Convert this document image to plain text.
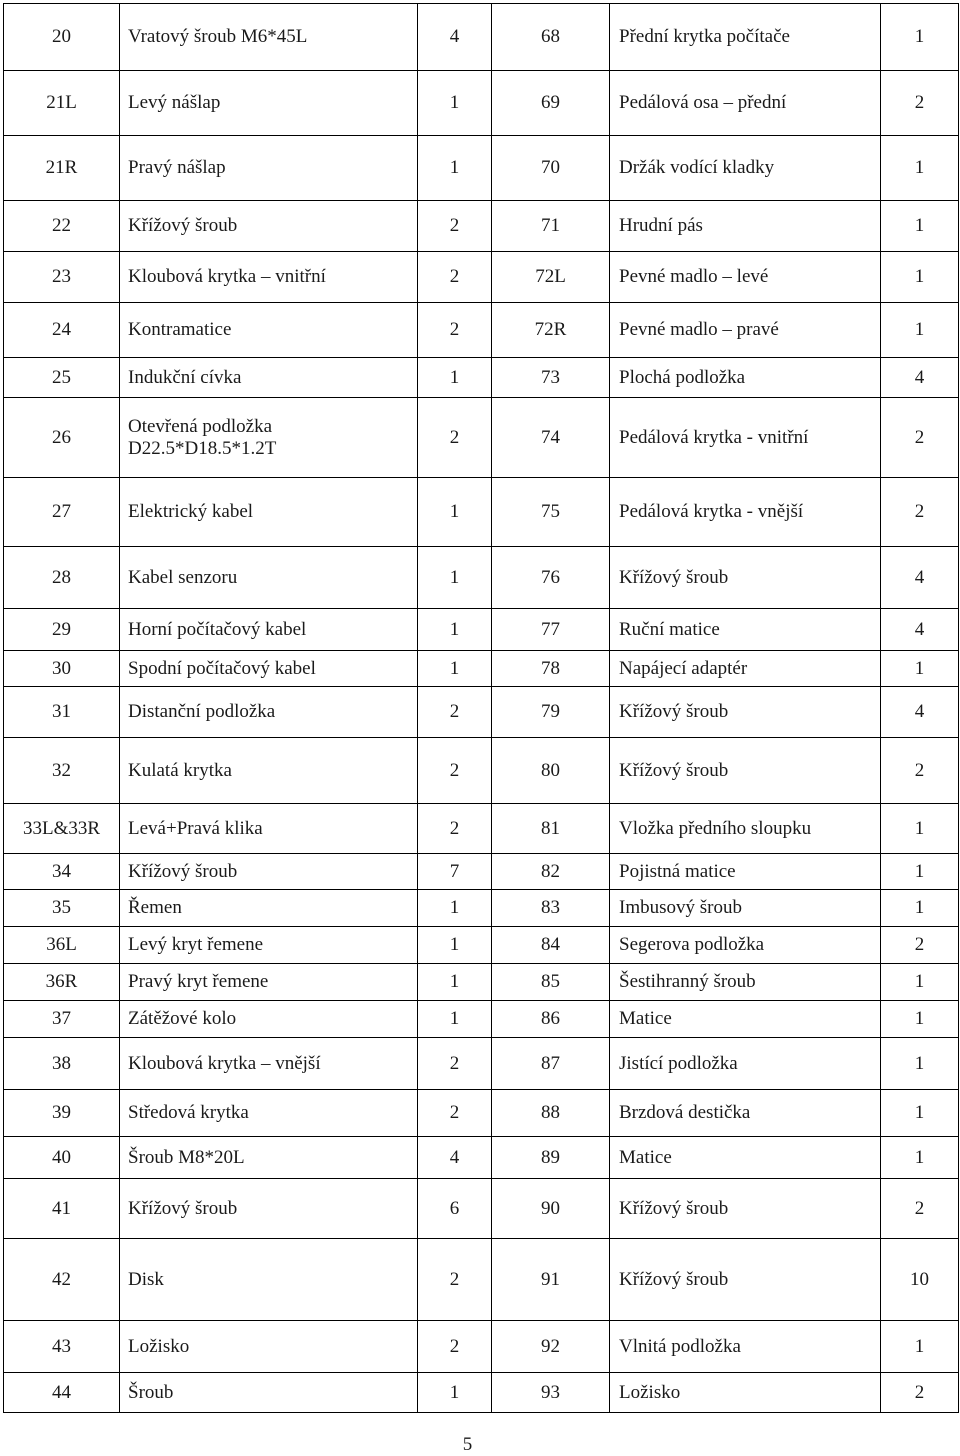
20	Vratový šroub M6*45L	4	68	Přední krytka počítače	1
21L	Levý nášlap	1	69	Pedálová osa – přední	2
21R	Pravý nášlap	1	70	Držák vodící kladky	1
22	Křížový šroub	2	71	Hrudní pás	1
23	Kloubová krytka – vnitřní	2	72L	Pevné madlo – levé	1
24	Kontramatice	2	72R	Pevné madlo – pravé	1
25	Indukční cívka	1	73	Plochá podložka	4
26	Otevřená podložka D22.5*D18.5*1.2T	2	74	Pedálová krytka - vnitřní	2
27	Elektrický kabel	1	75	Pedálová krytka - vnější	2
28	Kabel senzoru	1	76	Křížový šroub	4
29	Horní počítačový kabel	1	77	Ruční matice	4
30	Spodní počítačový kabel	1	78	Napájecí adaptér	1
31	Distanční podložka	2	79	Křížový šroub	4
32	Kulatá krytka	2	80	Křížový šroub	2
33L&33R	Levá+Pravá klika	2	81	Vložka předního sloupku	1
34	Křížový šroub	7	82	Pojistná matice	1
35	Řemen	1	83	Imbusový šroub	1
36L	Levý kryt řemene	1	84	Segerova podložka	2
36R	Pravý kryt řemene	1	85	Šestihranný šroub	1
37	Zátěžové kolo	1	86	Matice	1
38	Kloubová krytka – vnější	2	87	Jistící podložka	1
39	Středová krytka	2	88	Brzdová destička	1
40	Šroub M8*20L	4	89	Matice	1
41	Křížový šroub	6	90	Křížový šroub	2
42	Disk	2	91	Křížový šroub	10
43	Ložisko	2	92	Vlnitá podložka	1
44	Šroub	1	93	Ložisko	2
5
